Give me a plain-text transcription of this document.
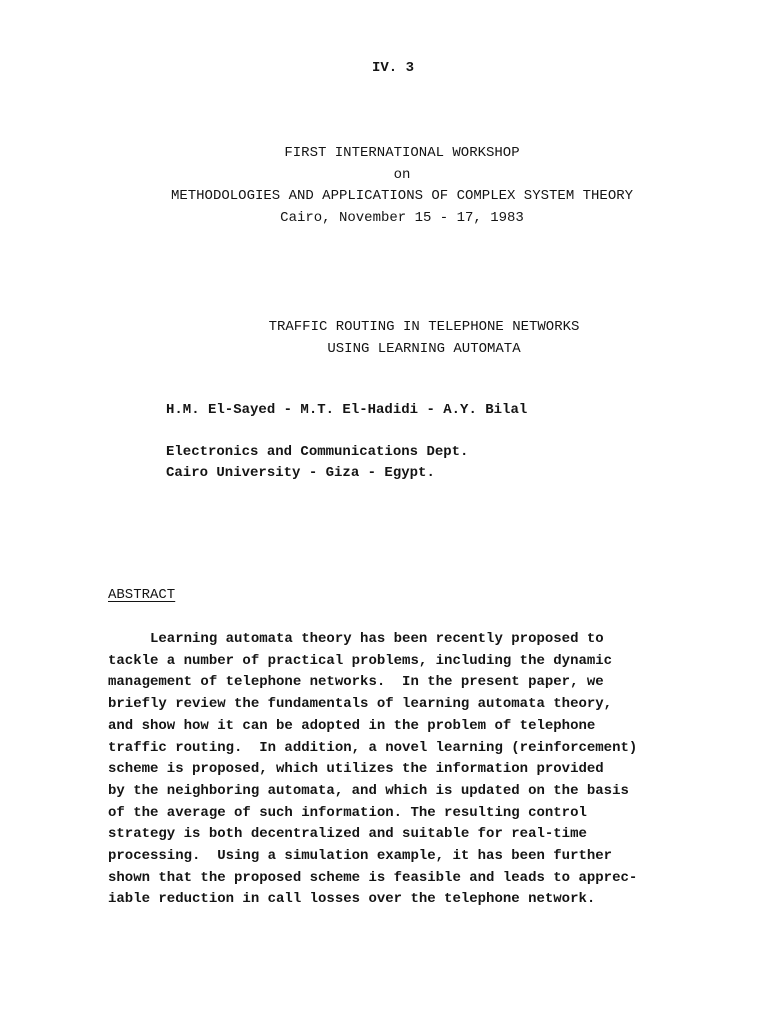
IV. 3
FIRST INTERNATIONAL WORKSHOP
on
METHODOLOGIES AND APPLICATIONS OF COMPLEX SYSTEM THEORY
Cairo, November 15 - 17, 1983
TRAFFIC ROUTING IN TELEPHONE NETWORKS
USING LEARNING AUTOMATA
H.M. El-Sayed - M.T. El-Hadidi - A.Y. Bilal
Electronics and Communications Dept.
Cairo University - Giza - Egypt.
ABSTRACT
Learning automata theory has been recently proposed to
tackle a number of practical problems, including the dynamic
management of telephone networks.  In the present paper, we
briefly review the fundamentals of learning automata theory,
and show how it can be adopted in the problem of telephone
traffic routing.  In addition, a novel learning (reinforcement)
scheme is proposed, which utilizes the information provided
by the neighboring automata, and which is updated on the basis
of the average of such information. The resulting control
strategy is both decentralized and suitable for real-time
processing.  Using a simulation example, it has been further
shown that the proposed scheme is feasible and leads to apprec-
iable reduction in call losses over the telephone network.
